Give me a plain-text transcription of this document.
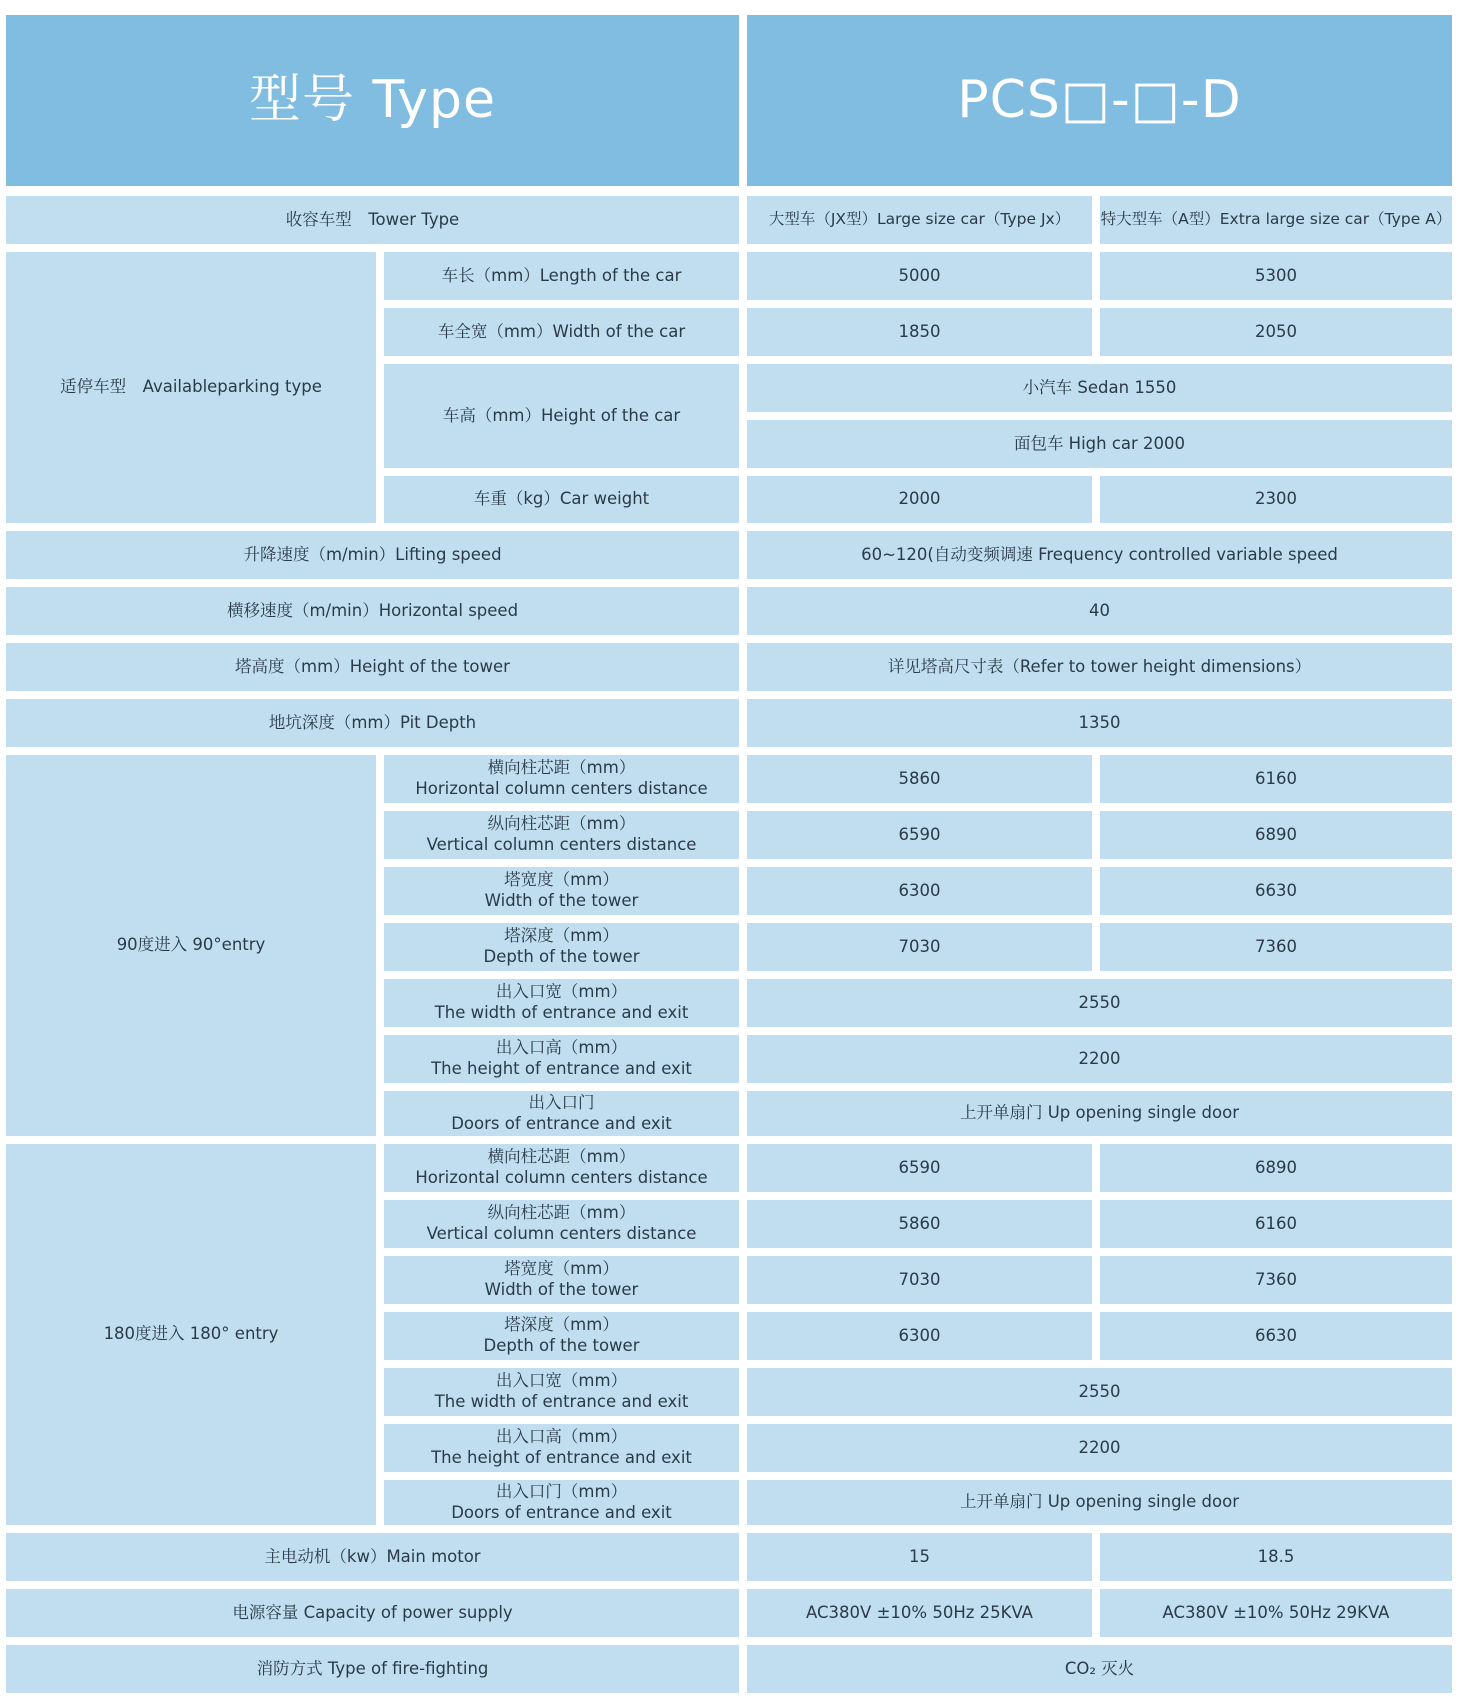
型号 Type	PCS□-□-D
收容车型　Tower Type	大型车（JX型）Large size car（Type Jx）	特大型车（A型）Extra large size car（Type A）
适停车型　Availableparking type
车长（mm）Length of the car	5000	5300
车全宽（mm）Width of the car	1850	2050
车高（mm）Height of the car
小汽车 Sedan 1550
面包车 High car 2000
车重（kg）Car weight	2000	2300
升降速度（m/min）Lifting speed	60~120(自动变频调速 Frequency controlled variable speed
横移速度（m/min）Horizontal speed	40
塔高度（mm）Height of the tower	详见塔高尺寸表（Refer to tower height dimensions）
地坑深度（mm）Pit Depth	1350
90度进入 90°entry
横向柱芯距（mm）
Horizontal column centers distance
5860	6160
纵向柱芯距（mm）
Vertical column centers distance
6590	6890
塔宽度（mm）
Width of the tower
6300	6630
塔深度（mm）
Depth of the tower
7030	7360
出入口宽（mm）
The width of entrance and exit
2550
出入口高（mm）
The height of entrance and exit
2200
出入口门
Doors of entrance and exit
上开单扇门 Up opening single door
180度进入 180° entry
横向柱芯距（mm）
Horizontal column centers distance
6590	6890
纵向柱芯距（mm）
Vertical column centers distance
5860	6160
塔宽度（mm）
Width of the tower
7030	7360
塔深度（mm）
Depth of the tower
6300	6630
出入口宽（mm）
The width of entrance and exit
2550
出入口高（mm）
The height of entrance and exit
2200
出入口门（mm）
Doors of entrance and exit
上开单扇门 Up opening single door
主电动机（kw）Main motor	15	18.5
电源容量 Capacity of power supply	AC380V ±10% 50Hz 25KVA	AC380V ±10% 50Hz 29KVA
消防方式 Type of fire-fighting	CO₂ 灭火
